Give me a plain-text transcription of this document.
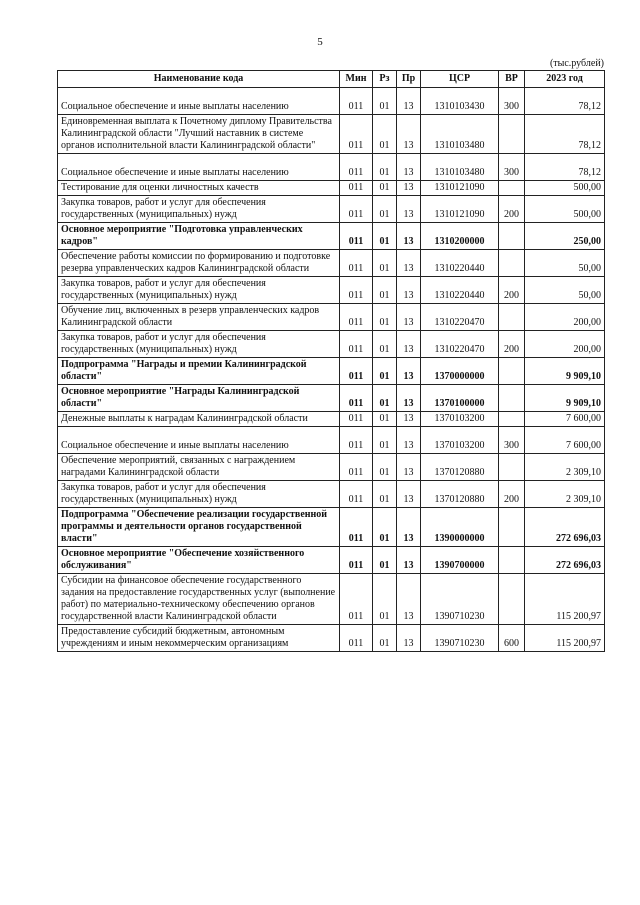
5
(тыс.рублей)
Наименование кода	Мин	Рз	Пр	ЦСР	ВР	2023 год

Социальное обеспечение и иные выплаты населению	011	01	13	1310103430	300	78,12
Единовременная выплата к Почетному диплому Правительства Калининградской области "Лучший наставник в системе органов исполнительной власти Калининградской области"	011	01	13	1310103480		78,12

Социальное обеспечение и иные выплаты населению	011	01	13	1310103480	300	78,12
Тестирование для оценки личностных качеств	011	01	13	1310121090		500,00
Закупка товаров, работ и услуг для обеспечения государственных (муниципальных) нужд	011	01	13	1310121090	200	500,00
Основное мероприятие "Подготовка управленческих кадров"	011	01	13	1310200000		250,00
Обеспечение работы комиссии по формированию и подготовке резерва управленческих кадров Калининградской области	011	01	13	1310220440		50,00
Закупка товаров, работ и услуг для обеспечения государственных (муниципальных) нужд	011	01	13	1310220440	200	50,00
Обучение лиц, включенных в резерв управленческих кадров Калининградской области	011	01	13	1310220470		200,00
Закупка товаров, работ и услуг для обеспечения государственных (муниципальных) нужд	011	01	13	1310220470	200	200,00
Подпрограмма "Награды и премии Калининградской области"	011	01	13	1370000000		9 909,10
Основное мероприятие "Награды Калининградской области"	011	01	13	1370100000		9 909,10
Денежные выплаты к наградам Калининградской области	011	01	13	1370103200		7 600,00

Социальное обеспечение и иные выплаты населению	011	01	13	1370103200	300	7 600,00
Обеспечение мероприятий, связанных с награждением наградами Калининградской области	011	01	13	1370120880		2 309,10
Закупка товаров, работ и услуг для обеспечения государственных (муниципальных) нужд	011	01	13	1370120880	200	2 309,10
Подпрограмма "Обеспечение реализации государственной программы и деятельности органов государственной власти"	011	01	13	1390000000		272 696,03
Основное мероприятие "Обеспечение хозяйственного обслуживания"	011	01	13	1390700000		272 696,03
Субсидии на финансовое обеспечение государственного задания на предоставление государственных услуг (выполнение работ) по материально-техническому обеспечению органов государственной власти Калининградской области	011	01	13	1390710230		115 200,97
Предоставление субсидий бюджетным, автономным учреждениям и иным некоммерческим организациям	011	01	13	1390710230	600	115 200,97
